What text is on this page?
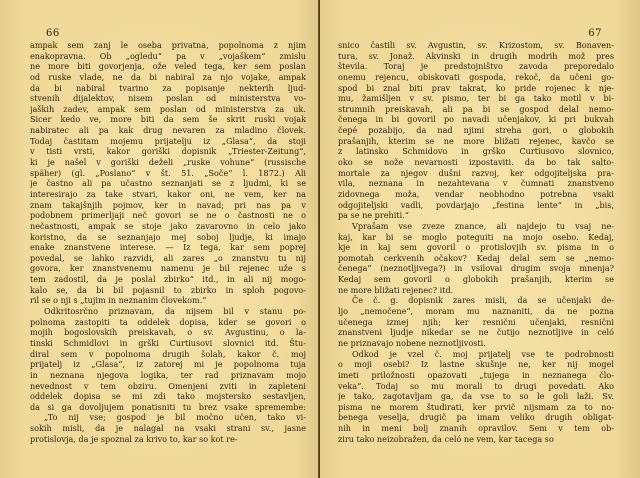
66
ampak sem zanj le oseba privatna, popolnoma z njim
enakopravna. Ob „ogledu“ pa v „vojaškem“ zmislu
ne more biti govorjenja, ože veled tega, ker sem poslan
od ruske vlade, ne da bi nabiral za njo vojake, ampak
da bi nabiral tvarino za popisanje nekterih ljud-
stvenih dijalektov, nisem poslan od ministerstva vo-
jaških zadev, ampak sem poslan od ministerstva za uk.
Sicer kedo ve, more biti da sem še skrit ruski vojak
nabiratec ali pa kak drug nevaren za mladino človek.
Todaj častitam mojemu prijatelju iz „Glasa“, da stoji
v tisti vrsti, kakor goriški dopisnik „Triester-Zeitung“,
ki je našel v goriški deželi „ruske vohune“ (russische
späher) (gl. „Poslano“ v št. 51. „Soče“ l. 1872.) Ali
je častno ali pa učastno seznanjati se z ljudmi, ki se
interesirajo za take stvari, kakor oni, ne vem, ker na
znam takajšnjih pojmov, ker in navad; pri nas pa v
podobnem primerljaji neč govori se ne o častnosti ne o
nečastnosti, ampak se stoje jako zavarovno in celo jako
koristno, da se seznanjajo mej soboj ljudje, ki imajo
enake znanstvene interese. — Iz tega, kar sem poprej
povedal, se lahko razvidi, ali zares „o znanstvu tu nij
govora, ker znanstvenemu namenu je bil rejenec uže s
tem zadostil, da je poslal zbirko“ itd., in ali nij mogo-
kalo se, da bi bil pojasnil to zbirko in sploh pogovo-
ril se o nji s „tujim in neznanim človekom.“
Odkritosrčno priznavam, da nijsem bil v stanu po-
polnoma zastopiti ta oddelek dopisa, kder se govori o
mojih bogoslovskih preiskavah, o sv. Avgustinu, o la-
tinski Schmidlovi in grški Curtiusovi slovnici itd. Štu-
diral sem v popolnoma drugih šolah, kakor č. moj
prijatelj iz „Glasa“, iz zatorej mi je popolnoma tuja
in neznana njegova logika, ter rad priznavam mojo
nevednost v tem obziru. Omenjeni zviti in zapleteni
oddelek dopisa se mi zdi tako mojstersko sestavljen,
da si ga dovoljujem ponatisniti tu brez vsake spremembe:
„To nij vse; gospod je bil močno učen, tako vi-
sokih misli, da je nalagal na vsaki strani sv., jasne
protislovja, da je spoznal za krivo to, kar so kot re-
67
snico častili sv. Avgustin, sv. Krizostom, sv. Bonaven-
tura, sv. Jonaž. Akvinski in drugih modrih mož pres
števila. Toraj je predstojništvo zavoda preporedalo
onemu rejencu, obiskovati gospoda, rekoč, da učeni go-
spod bi znal biti prav takrat, ko pride rojenec k nje-
mu, žamišljen v sv. pismo, ter bi ga tako motil v bi-
strumnih preiskavah, ali pa bi se gospod delal nemo-
čenega in bi govoril po navadi učenjakov, ki pri bukvah
čepé pozabijo, da nad njimi streha gori, o globokih
prašanjih, kterim se ne more bližati rejenec, kavčo se
z latinsko Schmidovo in grško Curtiusovo slovnico,
oko se nože nevarnosti izpostaviti. da bo tak salto-
mortale za njegov dušni razvoj, ker odgojiteljska pra-
vila, neznana in nezahtevana v čumnati znanstveno
zidovnega moža, vendar neobhodno potrebna vsaki
odgojiteljski vadli, povdarjajo „festina lente“ in „bis,
pa se ne prehiti.“
Vprašam vse zveze znance, ali najdejo tu vsaj ne-
kaj, kar bi se moglo poteguiti na mojo osebo. Kedaj,
kje in kaj sem govoril o protislovjih sv. pisma in o
pomotah cerkvenih očakov? Kedaj delal sem se „nemo-
čenega“ (neznotljivega?) in vsilovai drugim svoja mnenja?
Kedaj sem govoril o globokih prašanjih, kterim se
ne more bližati rejenec? itd.
Če č. g. dopisnik zares misli, da se učenjaki de-
ljo „nemočene“, moram mu naznaniti, da ne pozna
učenega izmej njih; ker resnični učenjaki, resnični
znanstveni ljudje nikedar se ne čutijo neznotljive in celó
ne priznavajo nobene neznotljivosti.
Odkod je vzel č. moj prijatelj vse te podrobnosti
o moji osebi? Iz lastne skušnje ne, ker nij mogel
imeti priložnosti opazovati „tujega in neznanega člo-
veka“. Todaj so mu morali to drugi povedati. Ako
je tako, zagotavljam ga, da vse to so le goli laži. Sv.
pisma ne morem študirati, ker prvič nijsmam za to no-
benega veselja, drugič pa imam veliko drugih obligat-
nih in meni bolj znanih opravilov. Sem v tem ob-
ziru tako neizobražen, da celó ne vem, kar tacega so
